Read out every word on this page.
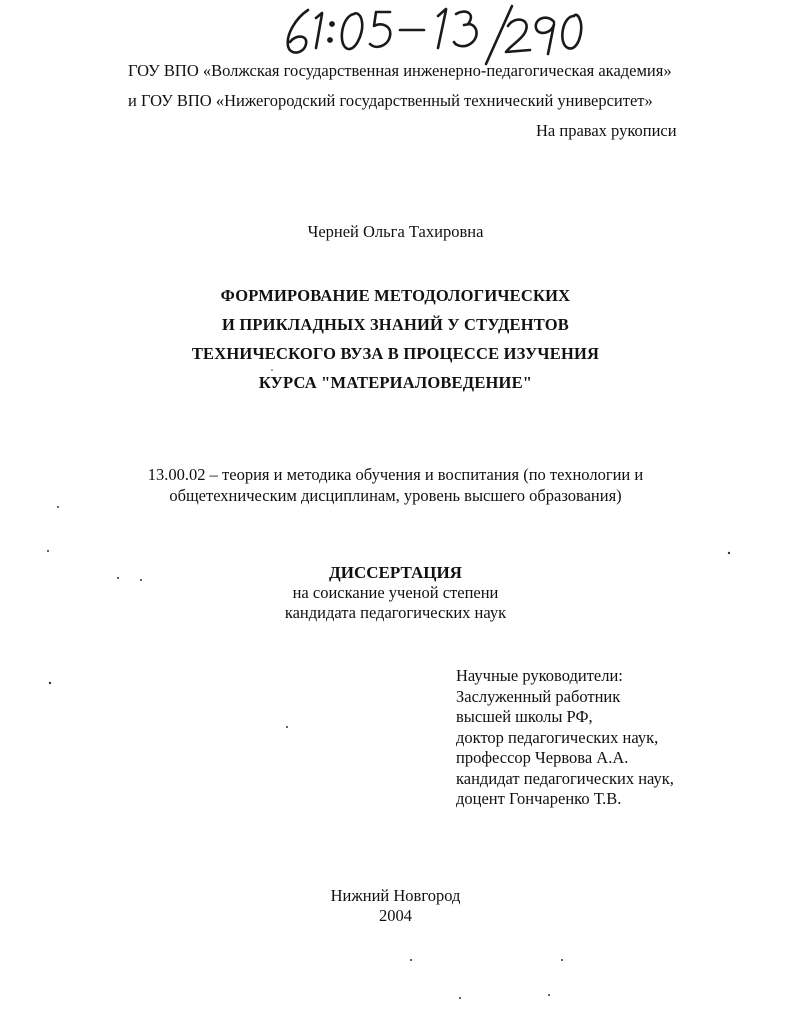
ГОУ ВПО «Волжская государственная инженерно-педагогическая академия»
и ГОУ ВПО «Нижегородский государственный технический университет»
На правах рукописи
Черней Ольга Тахировна
ФОРМИРОВАНИЕ МЕТОДОЛОГИЧЕСКИХ
И ПРИКЛАДНЫХ ЗНАНИЙ У СТУДЕНТОВ
ТЕХНИЧЕСКОГО ВУЗА В ПРОЦЕССЕ ИЗУЧЕНИЯ
КУРСА "МАТЕРИАЛОВЕДЕНИЕ"
13.00.02 – теория и методика обучения и воспитания (по технологии и
общетехническим дисциплинам, уровень высшего образования)
ДИССЕРТАЦИЯ
на соискание ученой степени
кандидата педагогических наук
Научные руководители:
Заслуженный работник
высшей школы РФ,
доктор педагогических наук,
профессор Червова А.А.
кандидат педагогических наук,
доцент Гончаренко Т.В.
Нижний Новгород
2004
